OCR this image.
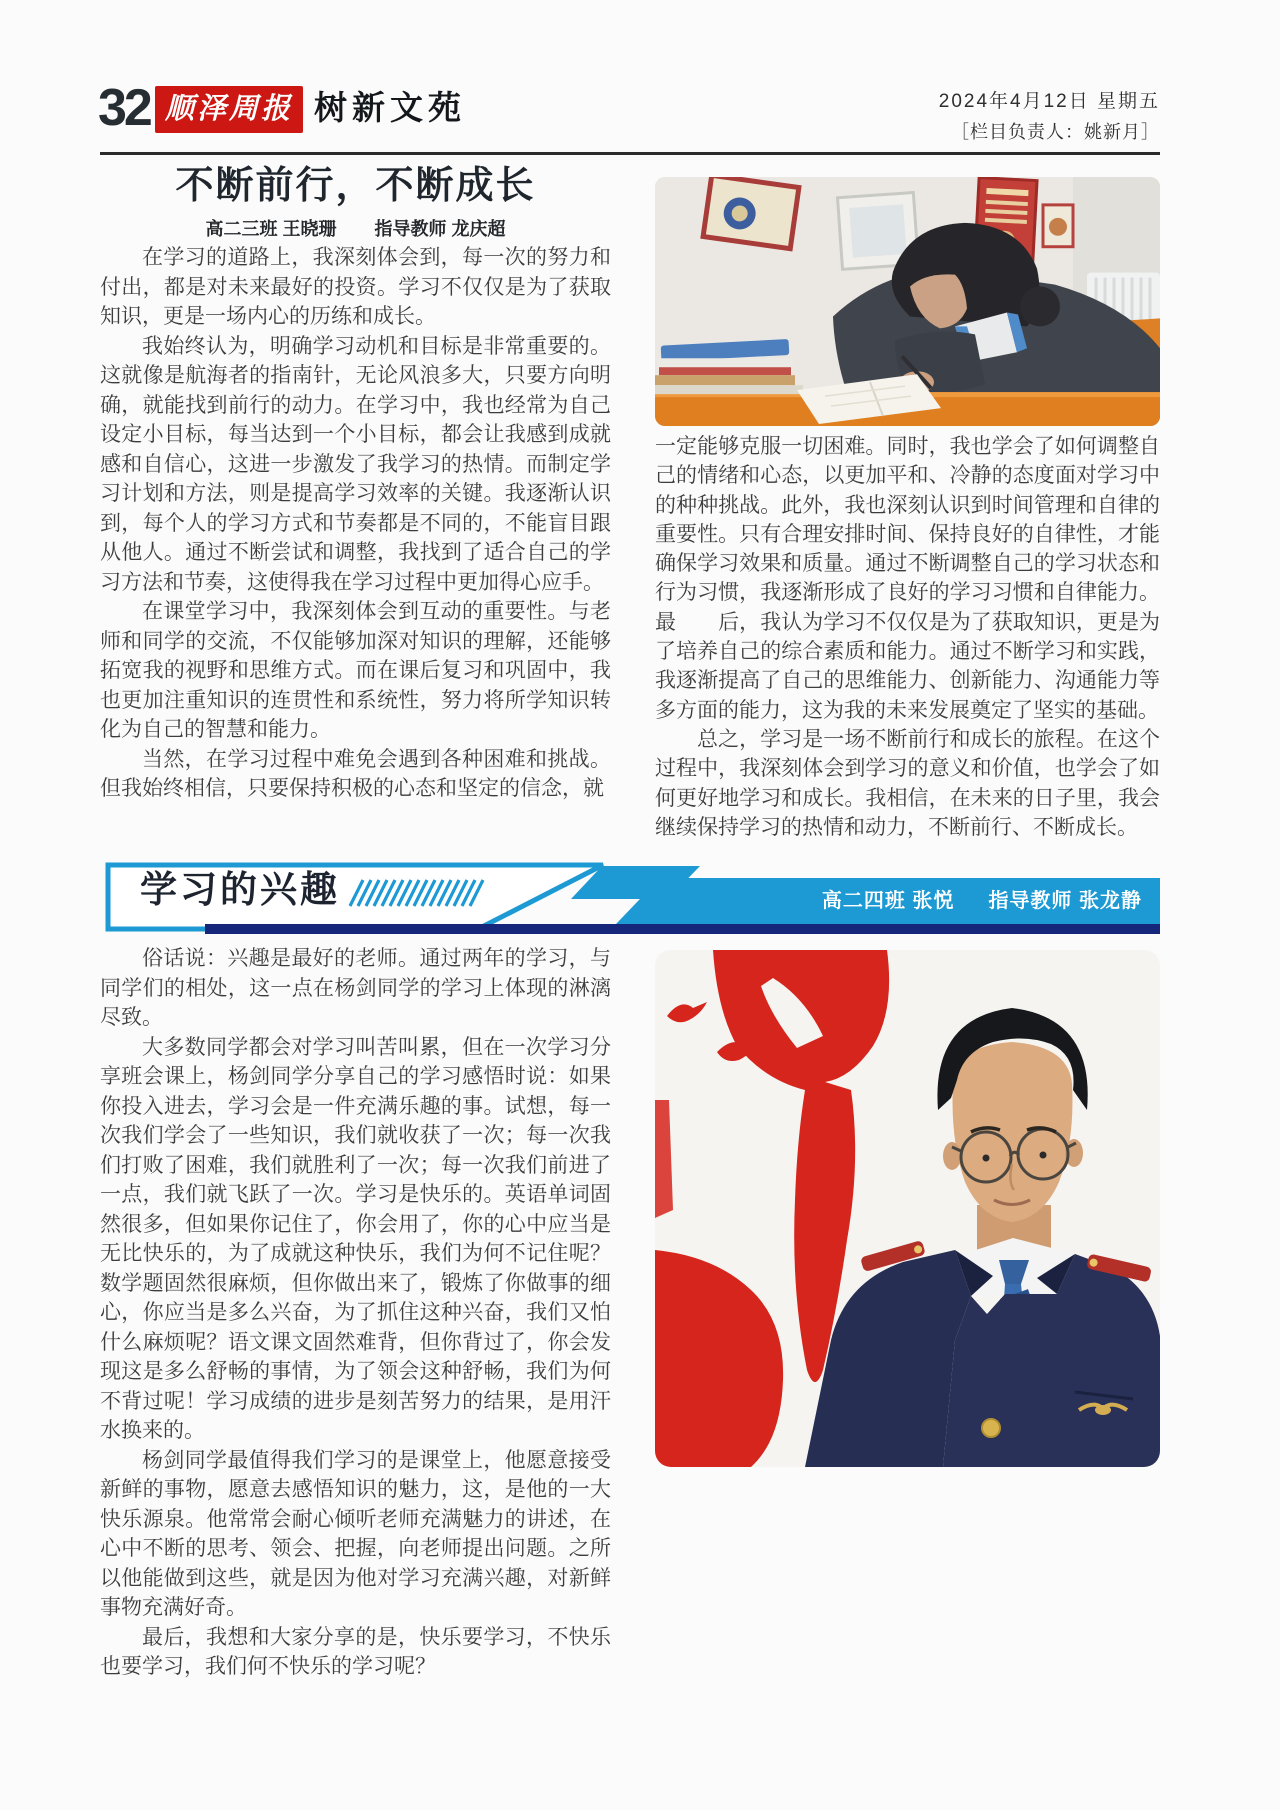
32 顺泽周报 树新文苑	2024年4月12日 星期五
［栏目负责人：姚新月］
不断前行，不断成长
高二三班 王晓珊 指导教师 龙庆超

在学习的道路上，我深刻体会到，每一次的努力和付出，都是对未来最好的投资。学习不仅仅是为了获取知识，更是一场内心的历练和成长。

我始终认为，明确学习动机和目标是非常重要的。这就像是航海者的指南针，无论风浪多大，只要方向明确，就能找到前行的动力。在学习中，我也经常为自己设定小目标，每当达到一个小目标，都会让我感到成就感和自信心，这进一步激发了我学习的热情。而制定学习计划和方法，则是提高学习效率的关键。我逐渐认识到，每个人的学习方式和节奏都是不同的，不能盲目跟从他人。通过不断尝试和调整，我找到了适合自己的学习方法和节奏，这使得我在学习过程中更加得心应手。

在课堂学习中，我深刻体会到互动的重要性。与老师和同学的交流，不仅能够加深对知识的理解，还能够拓宽我的视野和思维方式。而在课后复习和巩固中，我也更加注重知识的连贯性和系统性，努力将所学知识转化为自己的智慧和能力。

当然，在学习过程中难免会遇到各种困难和挑战。但我始终相信，只要保持积极的心态和坚定的信念，就

一定能够克服一切困难。同时，我也学会了如何调整自己的情绪和心态，以更加平和、冷静的态度面对学习中的种种挑战。此外，我也深刻认识到时间管理和自律的重要性。只有合理安排时间、保持良好的自律性，才能确保学习效果和质量。通过不断调整自己的学习状态和行为习惯，我逐渐形成了良好的学习习惯和自律能力。最　　后，我认为学习不仅仅是为了获取知识，更是为了培养自己的综合素质和能力。通过不断学习和实践，我逐渐提高了自己的思维能力、创新能力、沟通能力等多方面的能力，这为我的未来发展奠定了坚实的基础。

总之，学习是一场不断前行和成长的旅程。在这个过程中，我深刻体会到学习的意义和价值，也学会了如何更好地学习和成长。我相信，在未来的日子里，我会继续保持学习的热情和动力，不断前行、不断成长。

学习的兴趣	高二四班 张悦 指导教师 张龙静

俗话说：兴趣是最好的老师。通过两年的学习，与同学们的相处，这一点在杨剑同学的学习上体现的淋漓尽致。

大多数同学都会对学习叫苦叫累，但在一次学习分享班会课上，杨剑同学分享自己的学习感悟时说：如果你投入进去，学习会是一件充满乐趣的事。试想，每一次我们学会了一些知识，我们就收获了一次；每一次我们打败了困难，我们就胜利了一次；每一次我们前进了一点，我们就飞跃了一次。学习是快乐的。英语单词固然很多，但如果你记住了，你会用了，你的心中应当是无比快乐的，为了成就这种快乐，我们为何不记住呢？数学题固然很麻烦，但你做出来了，锻炼了你做事的细心，你应当是多么兴奋，为了抓住这种兴奋，我们又怕什么麻烦呢？语文课文固然难背，但你背过了，你会发现这是多么舒畅的事情，为了领会这种舒畅，我们为何不背过呢！学习成绩的进步是刻苦努力的结果，是用汗水换来的。

杨剑同学最值得我们学习的是课堂上，他愿意接受新鲜的事物，愿意去感悟知识的魅力，这，是他的一大快乐源泉。他常常会耐心倾听老师充满魅力的讲述，在心中不断的思考、领会、把握，向老师提出问题。之所以他能做到这些，就是因为他对学习充满兴趣，对新鲜事物充满好奇。

最后，我想和大家分享的是，快乐要学习，不快乐也要学习，我们何不快乐的学习呢？
